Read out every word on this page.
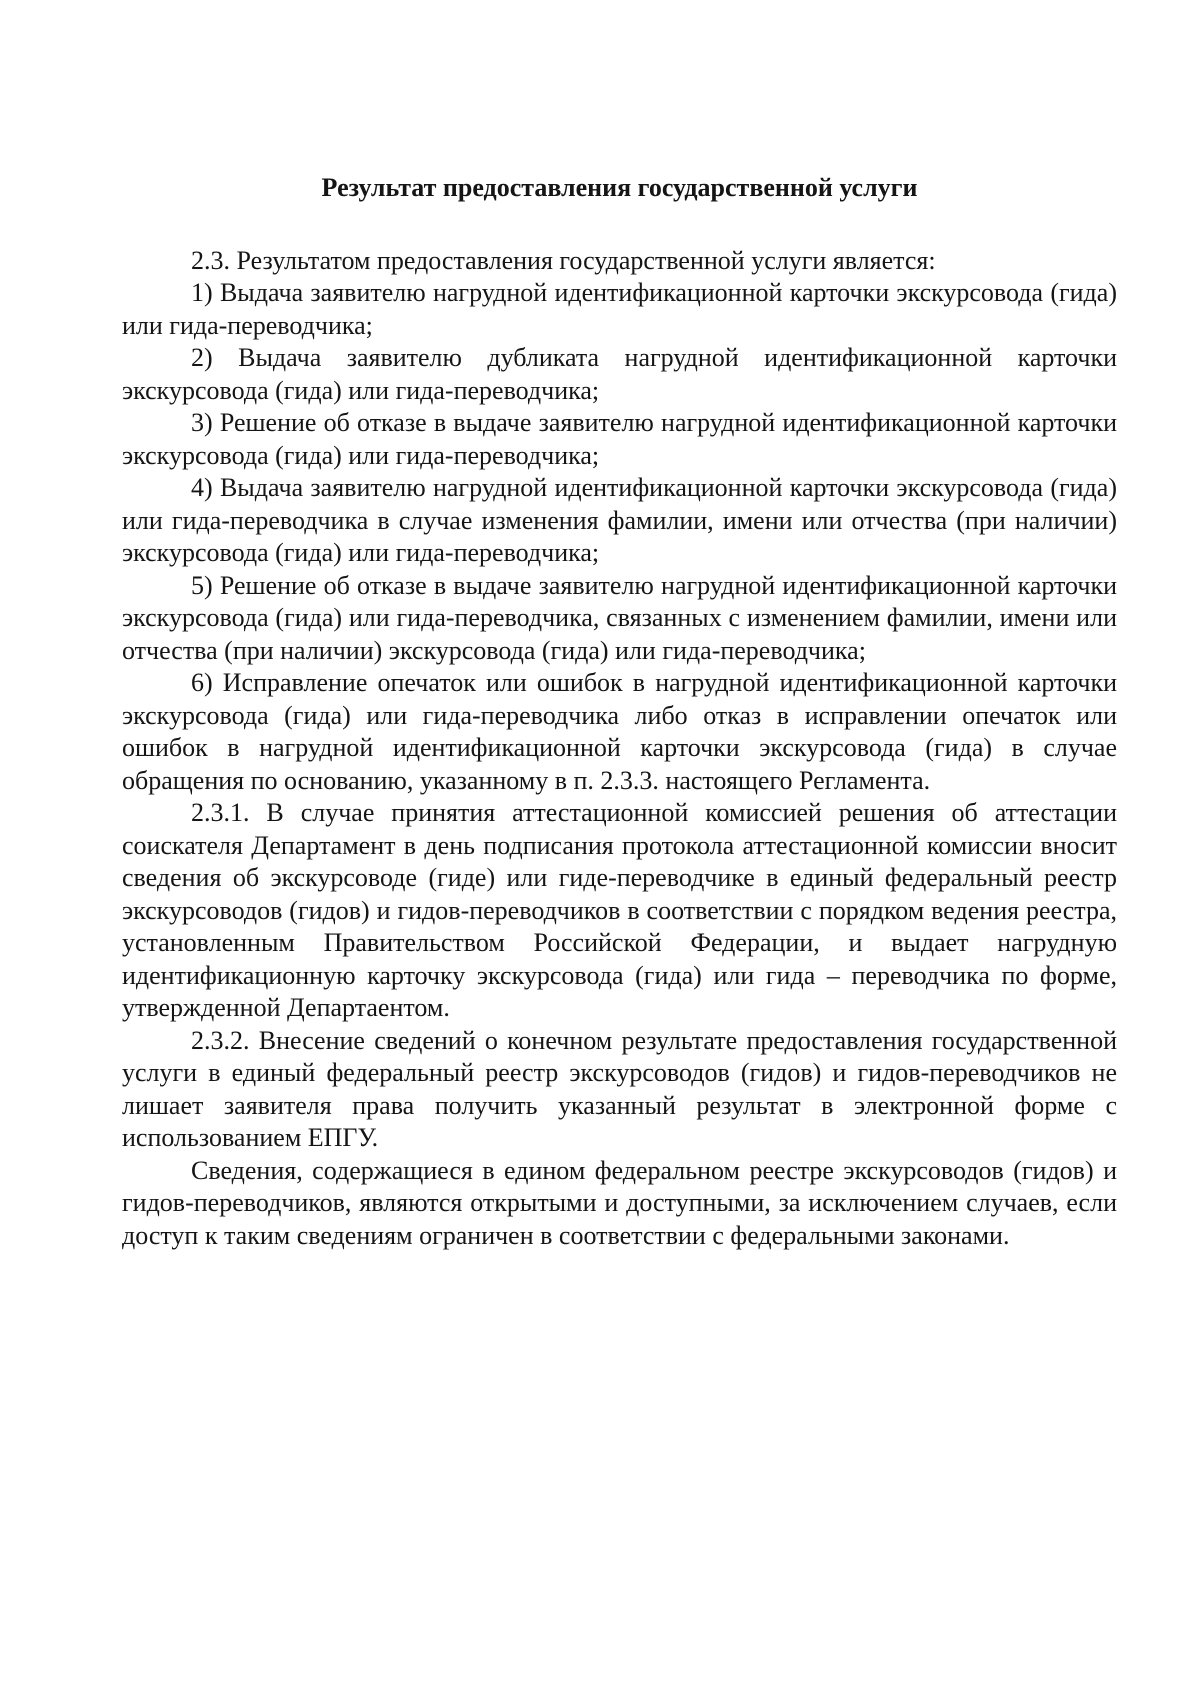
Результат предоставления государственной услуги

2.3. Результатом предоставления государственной услуги является:

1) Выдача заявителю нагрудной идентификационной карточки экскурсовода (гида) или гида-переводчика;

2) Выдача заявителю дубликата нагрудной идентификационной карточки экскурсовода (гида) или гида-переводчика;

3) Решение об отказе в выдаче заявителю нагрудной идентификационной карточки экскурсовода (гида) или гида-переводчика;

4) Выдача заявителю нагрудной идентификационной карточки экскурсовода (гида) или гида-переводчика в случае изменения фамилии, имени или отчества (при наличии) экскурсовода (гида) или гида-переводчика;

5) Решение об отказе в выдаче заявителю нагрудной идентификационной карточки экскурсовода (гида) или гида-переводчика, связанных с изменением фамилии, имени или отчества (при наличии) экскурсовода (гида) или гида-переводчика;

6) Исправление опечаток или ошибок в нагрудной идентификационной карточки экскурсовода (гида) или гида-переводчика либо отказ в исправлении опечаток или ошибок в нагрудной идентификационной карточки экскурсовода (гида) в случае обращения по основанию, указанному в п. 2.3.3. настоящего Регламента.

2.3.1. В случае принятия аттестационной комиссией решения об аттестации соискателя Департамент в день подписания протокола аттестационной комиссии вносит сведения об экскурсоводе (гиде) или гиде-переводчике в единый федеральный реестр экскурсоводов (гидов) и гидов-переводчиков в соответствии с порядком ведения реестра, установленным Правительством Российской Федерации, и выдает нагрудную идентификационную карточку экскурсовода (гида) или гида – переводчика по форме, утвержденной Департаентом.

2.3.2. Внесение сведений о конечном результате предоставления государственной услуги в единый федеральный реестр экскурсоводов (гидов) и гидов-переводчиков не лишает заявителя права получить указанный результат в электронной форме с использованием ЕПГУ.

Сведения, содержащиеся в едином федеральном реестре экскурсоводов (гидов) и гидов-переводчиков, являются открытыми и доступными, за исключением случаев, если доступ к таким сведениям ограничен в соответствии с федеральными законами.
